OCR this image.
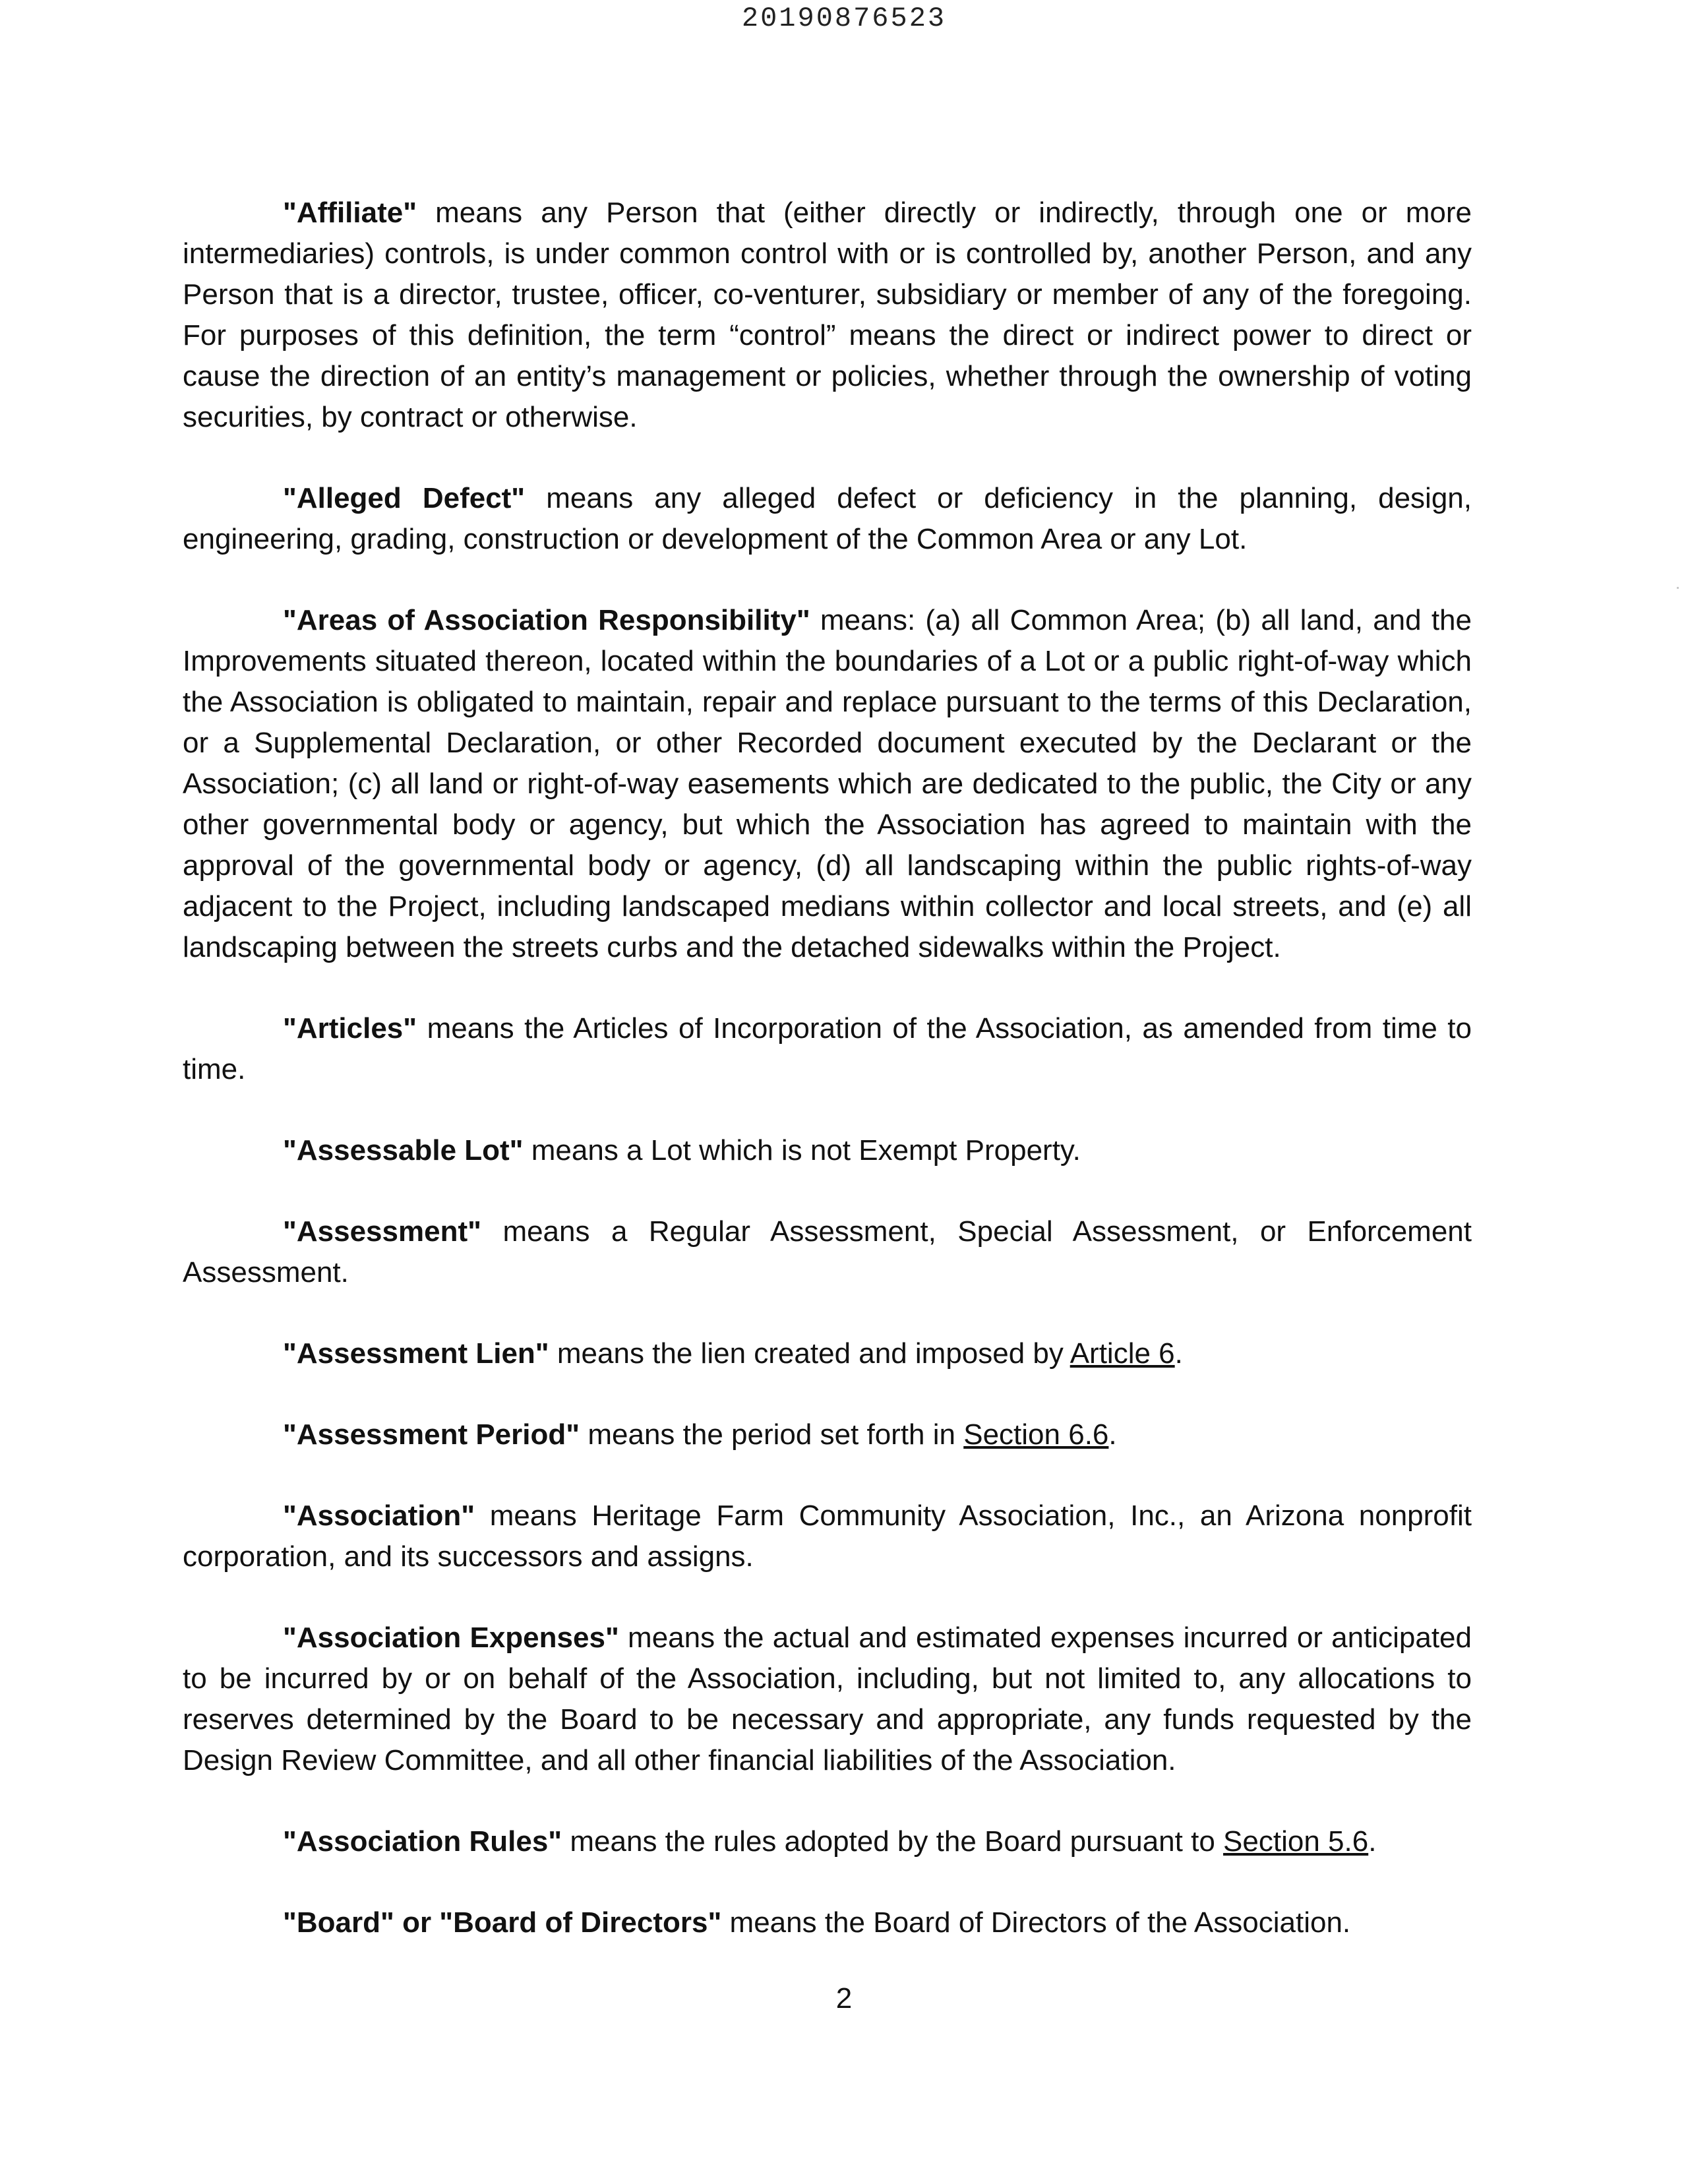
20190876523

"Affiliate" means any Person that (either directly or indirectly, through one or more intermediaries) controls, is under common control with or is controlled by, another Person, and any Person that is a director, trustee, officer, co-venturer, subsidiary or member of any of the foregoing. For purposes of this definition, the term “control” means the direct or indirect power to direct or cause the direction of an entity’s management or policies, whether through the ownership of voting securities, by contract or otherwise.

"Alleged Defect" means any alleged defect or deficiency in the planning, design, engineering, grading, construction or development of the Common Area or any Lot.

"Areas of Association Responsibility" means: (a) all Common Area; (b) all land, and the Improvements situated thereon, located within the boundaries of a Lot or a public right-of-way which the Association is obligated to maintain, repair and replace pursuant to the terms of this Declaration, or a Supplemental Declaration, or other Recorded document executed by the Declarant or the Association; (c) all land or right-of-way easements which are dedicated to the public, the City or any other governmental body or agency, but which the Association has agreed to maintain with the approval of the governmental body or agency, (d) all landscaping within the public rights-of-way adjacent to the Project, including landscaped medians within collector and local streets, and (e) all landscaping between the streets curbs and the detached sidewalks within the Project.

"Articles" means the Articles of Incorporation of the Association, as amended from time to time.

"Assessable Lot" means a Lot which is not Exempt Property.

"Assessment" means a Regular Assessment, Special Assessment, or Enforcement Assessment.

"Assessment Lien" means the lien created and imposed by Article 6.

"Assessment Period" means the period set forth in Section 6.6.

"Association" means Heritage Farm Community Association, Inc., an Arizona nonprofit corporation, and its successors and assigns.

"Association Expenses" means the actual and estimated expenses incurred or anticipated to be incurred by or on behalf of the Association, including, but not limited to, any allocations to reserves determined by the Board to be necessary and appropriate, any funds requested by the Design Review Committee, and all other financial liabilities of the Association.

"Association Rules" means the rules adopted by the Board pursuant to Section 5.6.

"Board" or "Board of Directors" means the Board of Directors of the Association.

2
